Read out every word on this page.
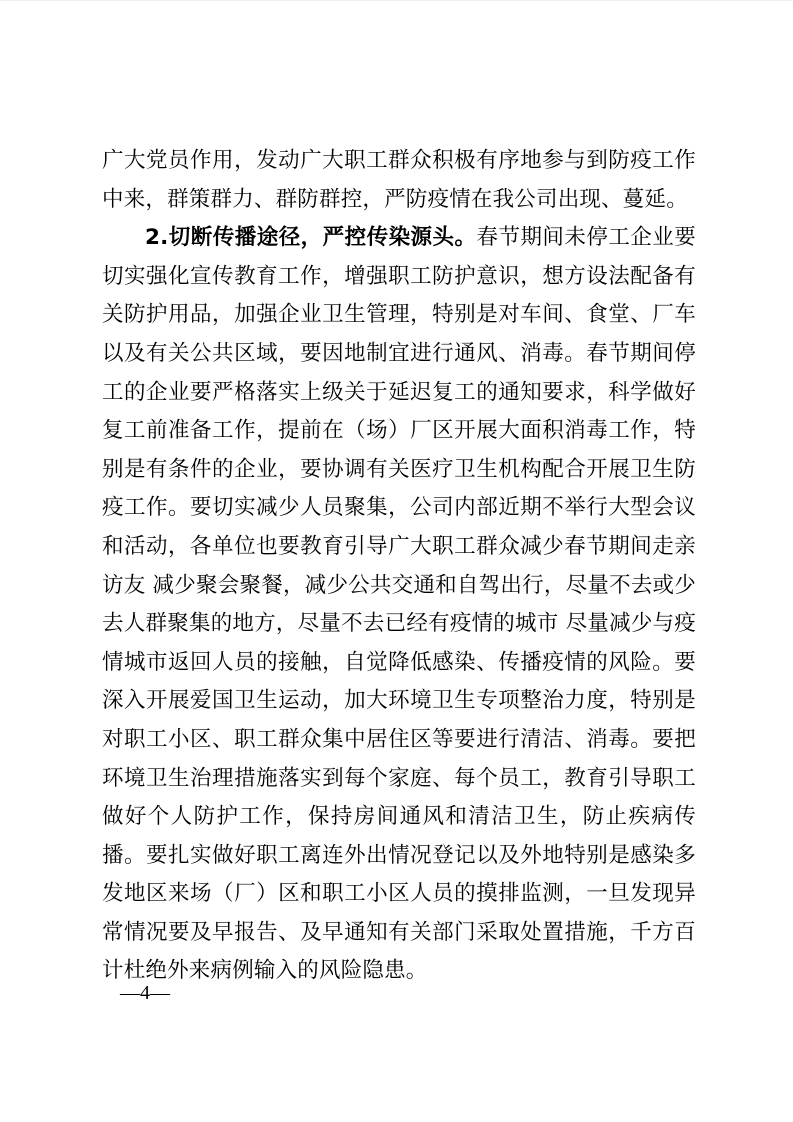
广大党员作用，发动广大职工群众积极有序地参与到防疫工作中来，群策群力、群防群控，严防疫情在我公司出现、蔓延。

2.切断传播途径，严控传染源头。春节期间未停工企业要切实强化宣传教育工作，增强职工防护意识，想方设法配备有关防护用品，加强企业卫生管理，特别是对车间、食堂、厂车以及有关公共区域，要因地制宜进行通风、消毒。春节期间停工的企业要严格落实上级关于延迟复工的通知要求，科学做好复工前准备工作，提前在（场）厂区开展大面积消毒工作，特别是有条件的企业，要协调有关医疗卫生机构配合开展卫生防疫工作。要切实减少人员聚集，公司内部近期不举行大型会议和活动，各单位也要教育引导广大职工群众减少春节期间走亲访友 减少聚会聚餐，减少公共交通和自驾出行，尽量不去或少去人群聚集的地方，尽量不去已经有疫情的城市 尽量减少与疫情城市返回人员的接触，自觉降低感染、传播疫情的风险。要深入开展爱国卫生运动，加大环境卫生专项整治力度，特别是对职工小区、职工群众集中居住区等要进行清洁、消毒。要把环境卫生治理措施落实到每个家庭、每个员工，教育引导职工做好个人防护工作，保持房间通风和清洁卫生，防止疾病传播。要扎实做好职工离连外出情况登记以及外地特别是感染多发地区来场（厂）区和职工小区人员的摸排监测，一旦发现异常情况要及早报告、及早通知有关部门采取处置措施，千方百计杜绝外来病例输入的风险隐患。

—4—
